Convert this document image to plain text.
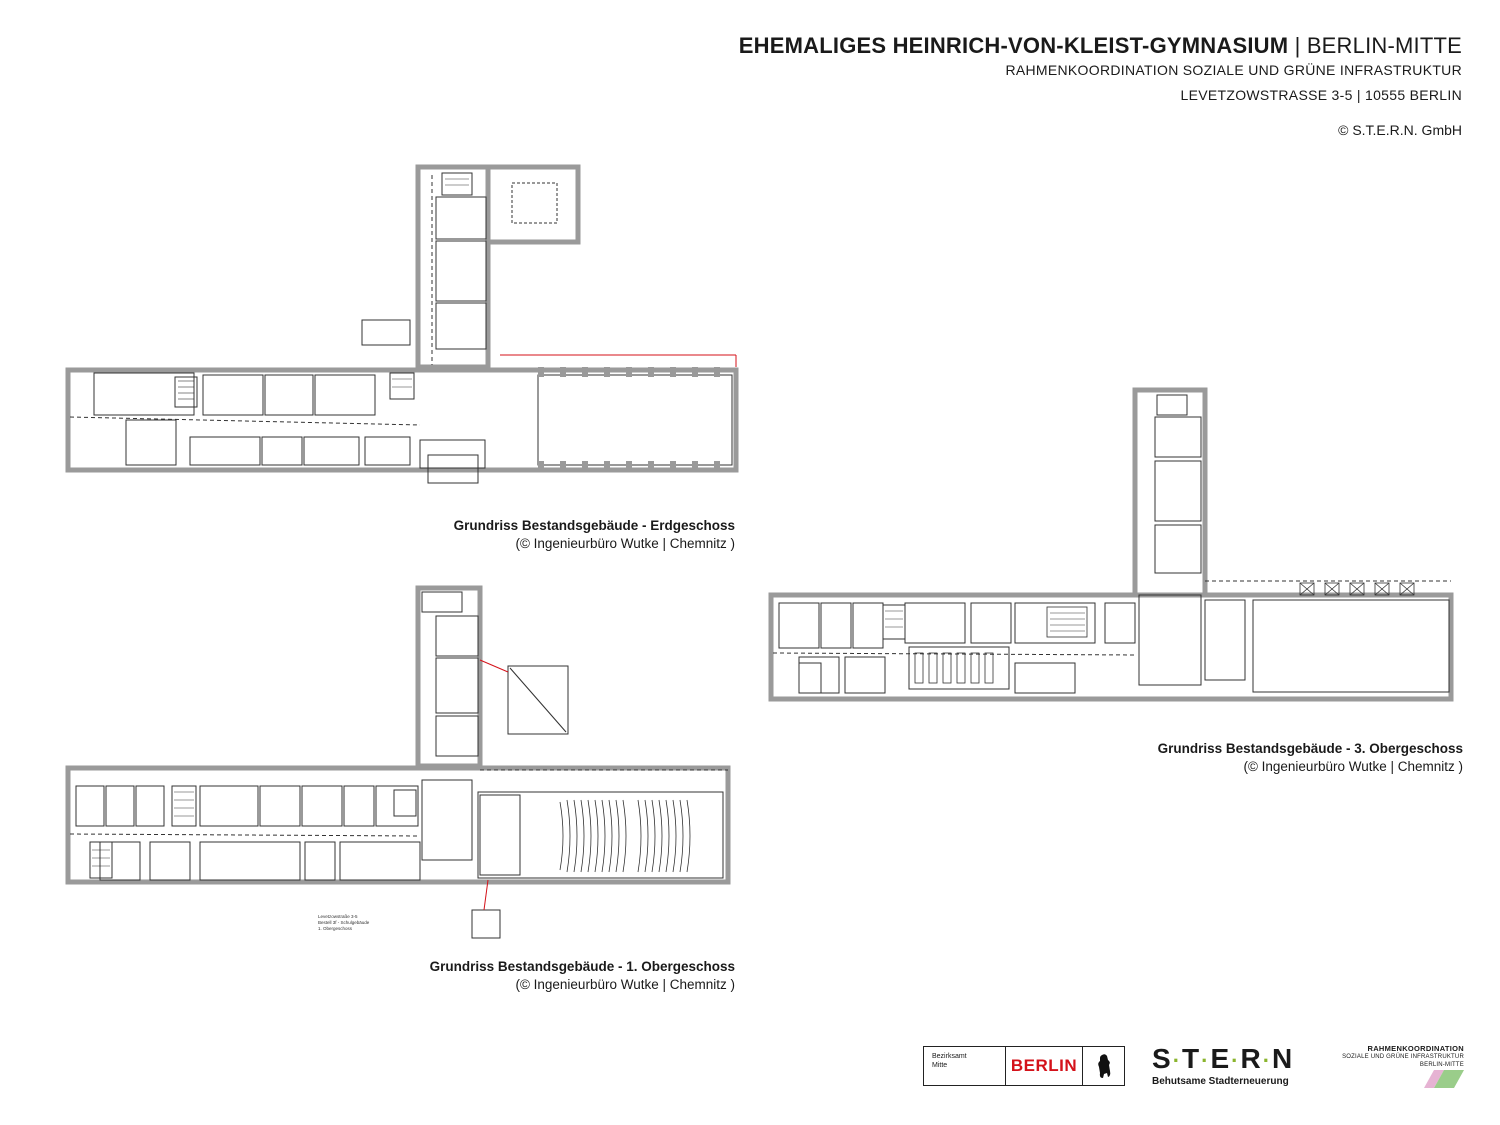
EHEMALIGES HEINRICH-VON-KLEIST-GYMNASIUM | BERLIN-MITTE
RAHMENKOORDINATION SOZIALE UND GRÜNE INFRASTRUKTUR
LEVETZOWSTRASSE 3-5 | 10555 BERLIN
© S.T.E.R.N. GmbH
Grundriss Bestandsgebäude - Erdgeschoss
(© Ingenieurbüro Wutke | Chemnitz )
Levetzowstraße 3-5
Bestell 3f - Schulgebäude
1. Obergeschoss
Grundriss Bestandsgebäude - 1. Obergeschoss
(© Ingenieurbüro Wutke | Chemnitz )
Grundriss Bestandsgebäude - 3. Obergeschoss
(© Ingenieurbüro Wutke | Chemnitz )
Bezirksamt
Mitte	BERLIN	S·T·E·R·N
Behutsame Stadterneuerung
RAHMENKOORDINATION
SOZIALE UND GRÜNE INFRASTRUKTUR
BERLIN-MITTE
